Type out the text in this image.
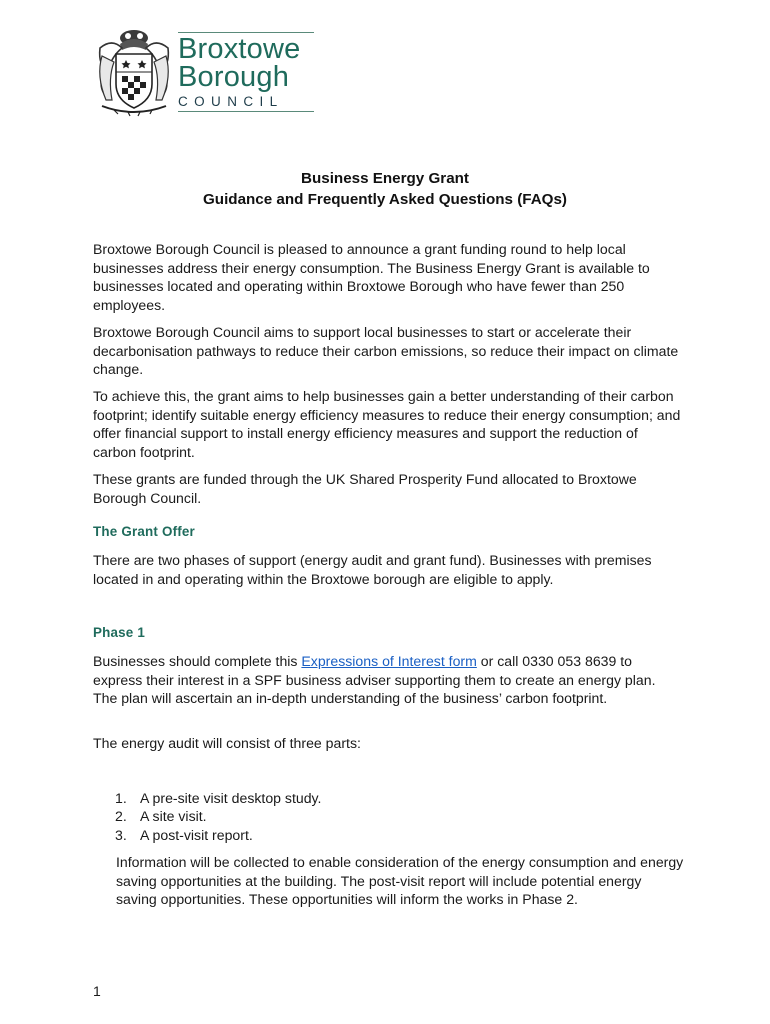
Broxtowe
Borough
COUNCIL
Business Energy Grant
Guidance and Frequently Asked Questions (FAQs)
Broxtowe Borough Council is pleased to announce a grant funding round to help local businesses address their energy consumption. The Business Energy Grant is available to businesses located and operating within Broxtowe Borough who have fewer than 250 employees.
Broxtowe Borough Council aims to support local businesses to start or accelerate their decarbonisation pathways to reduce their carbon emissions, so reduce their impact on climate change.
To achieve this, the grant aims to help businesses gain a better understanding of their carbon footprint; identify suitable energy efficiency measures to reduce their energy consumption; and offer financial support to install energy efficiency measures and support the reduction of carbon footprint.
These grants are funded through the UK Shared Prosperity Fund allocated to Broxtowe Borough Council.
The Grant Offer
There are two phases of support (energy audit and grant fund). Businesses with premises located in and operating within the Broxtowe borough are eligible to apply.
Phase 1
Businesses should complete this Expressions of Interest form or call 0330 053 8639 to express their interest in a SPF business adviser supporting them to create an energy plan. The plan will ascertain an in-depth understanding of the business’ carbon footprint.
The energy audit will consist of three parts:
1. A pre-site visit desktop study.
2. A site visit.
3. A post-visit report.
Information will be collected to enable consideration of the energy consumption and energy saving opportunities at the building. The post-visit report will include potential energy saving opportunities. These opportunities will inform the works in Phase 2.
1
